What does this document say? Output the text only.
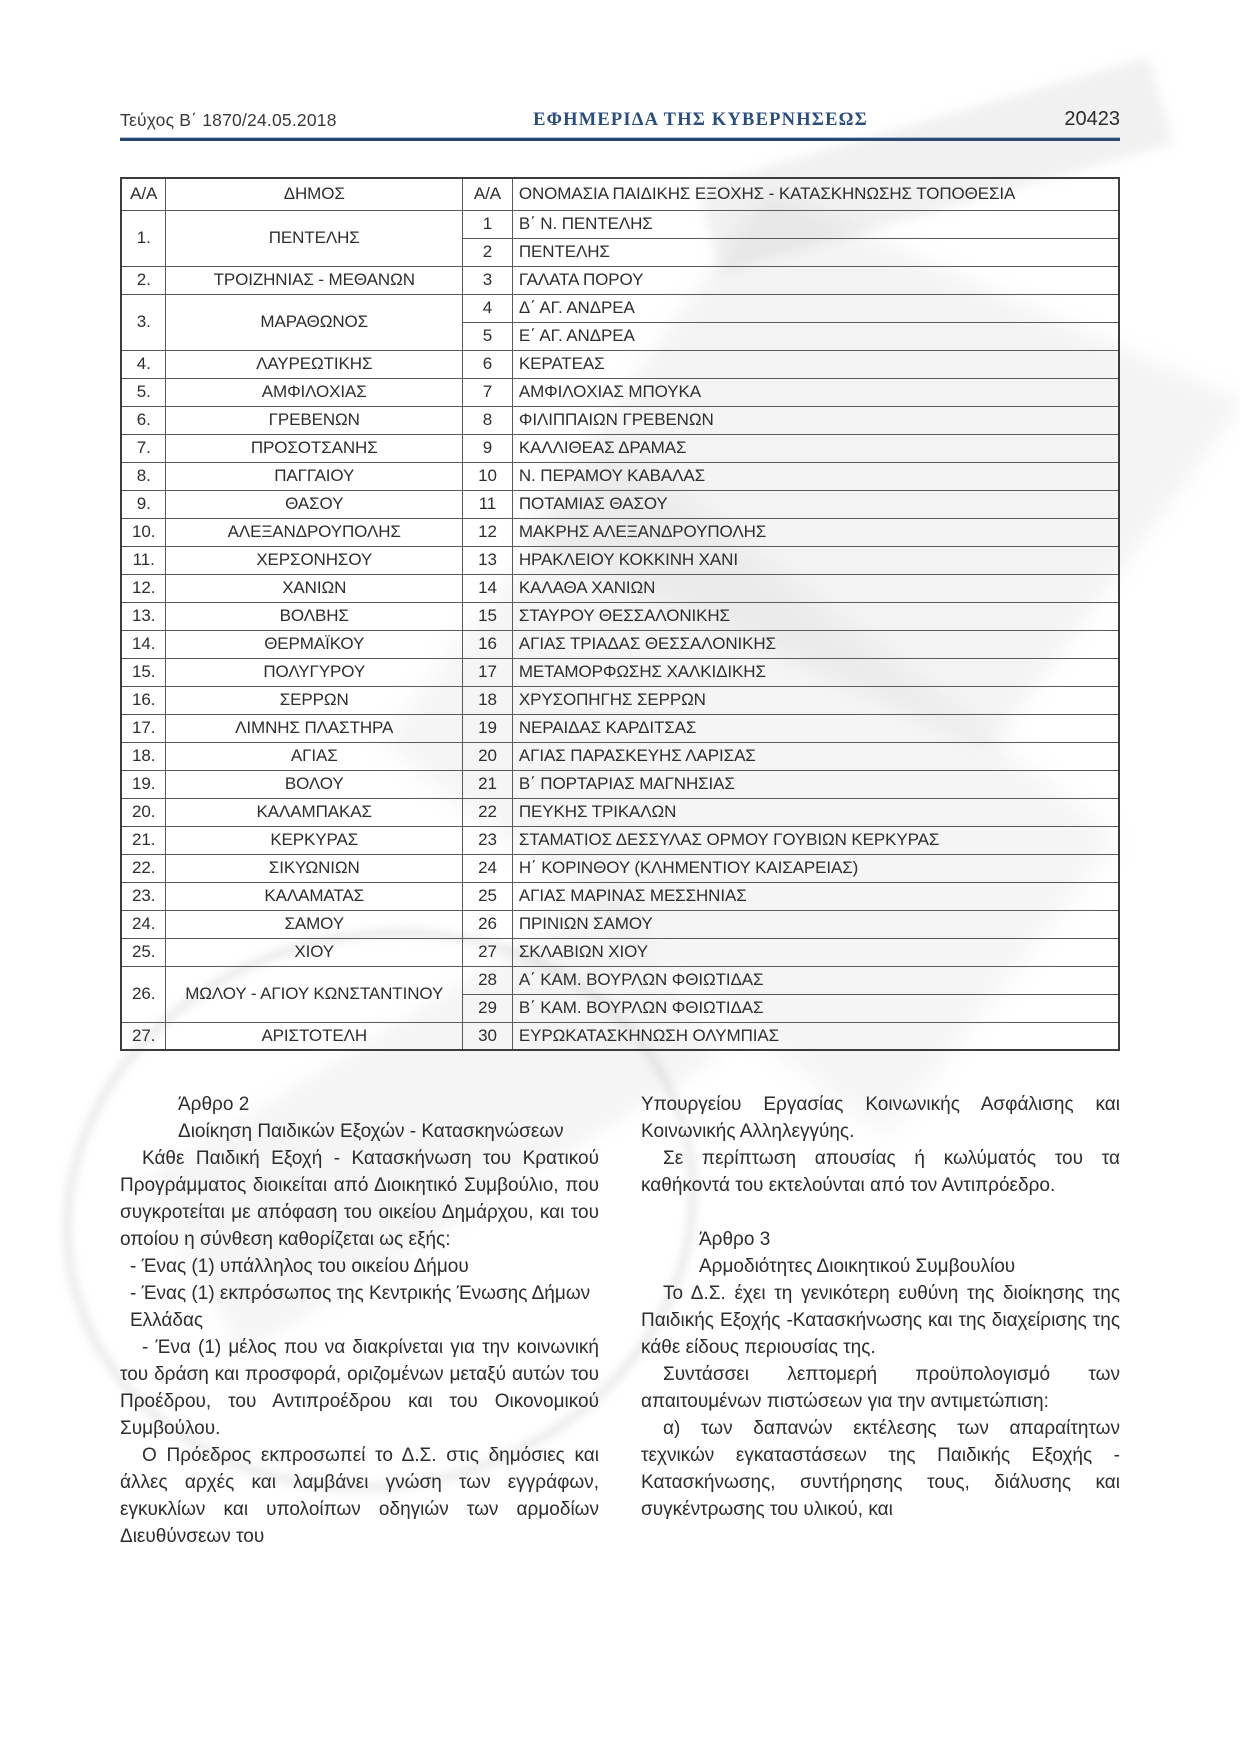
Τεύχος Β΄ 1870/24.05.2018	ΕΦΗΜΕΡΙΔΑ ΤΗΣ ΚΥΒΕΡΝΗΣΕΩΣ	20423
Α/Α	ΔΗΜΟΣ	Α/Α	ΟΝΟΜΑΣΙΑ ΠΑΙΔΙΚΗΣ ΕΞΟΧΗΣ - ΚΑΤΑΣΚΗΝΩΣΗΣ ΤΟΠΟΘΕΣΙΑ
1.	ΠΕΝΤΕΛΗΣ	1	Β΄ Ν. ΠΕΝΤΕΛΗΣ
		2	ΠΕΝΤΕΛΗΣ
2.	ΤΡΟΙΖΗΝΙΑΣ - ΜΕΘΑΝΩΝ	3	ΓΑΛΑΤΑ ΠΟΡΟΥ
3.	ΜΑΡΑΘΩΝΟΣ	4	Δ΄ ΑΓ. ΑΝΔΡΕΑ
		5	Ε΄ ΑΓ. ΑΝΔΡΕΑ
4.	ΛΑΥΡΕΩΤΙΚΗΣ	6	ΚΕΡΑΤΕΑΣ
5.	ΑΜΦΙΛΟΧΙΑΣ	7	ΑΜΦΙΛΟΧΙΑΣ ΜΠΟΥΚΑ
6.	ΓΡΕΒΕΝΩΝ	8	ΦΙΛΙΠΠΑΙΩΝ ΓΡΕΒΕΝΩΝ
7.	ΠΡΟΣΟΤΣΑΝΗΣ	9	ΚΑΛΛΙΘΕΑΣ ΔΡΑΜΑΣ
8.	ΠΑΓΓΑΙΟΥ	10	Ν. ΠΕΡΑΜΟΥ ΚΑΒΑΛΑΣ
9.	ΘΑΣΟΥ	11	ΠΟΤΑΜΙΑΣ ΘΑΣΟΥ
10.	ΑΛΕΞΑΝΔΡΟΥΠΟΛΗΣ	12	ΜΑΚΡΗΣ ΑΛΕΞΑΝΔΡΟΥΠΟΛΗΣ
11.	ΧΕΡΣΟΝΗΣΟΥ	13	ΗΡΑΚΛΕΙΟΥ ΚΟΚΚΙΝΗ ΧΑΝΙ
12.	ΧΑΝΙΩΝ	14	ΚΑΛΑΘΑ ΧΑΝΙΩΝ
13.	ΒΟΛΒΗΣ	15	ΣΤΑΥΡΟΥ ΘΕΣΣΑΛΟΝΙΚΗΣ
14.	ΘΕΡΜΑΪΚΟΥ	16	ΑΓΙΑΣ ΤΡΙΑΔΑΣ ΘΕΣΣΑΛΟΝΙΚΗΣ
15.	ΠΟΛΥΓΥΡΟΥ	17	ΜΕΤΑΜΟΡΦΩΣΗΣ ΧΑΛΚΙΔΙΚΗΣ
16.	ΣΕΡΡΩΝ	18	ΧΡΥΣΟΠΗΓΗΣ ΣΕΡΡΩΝ
17.	ΛΙΜΝΗΣ ΠΛΑΣΤΗΡΑ	19	ΝΕΡΑΙΔΑΣ ΚΑΡΔΙΤΣΑΣ
18.	ΑΓΙΑΣ	20	ΑΓΙΑΣ ΠΑΡΑΣΚΕΥΗΣ ΛΑΡΙΣΑΣ
19.	ΒΟΛΟΥ	21	Β΄ ΠΟΡΤΑΡΙΑΣ ΜΑΓΝΗΣΙΑΣ
20.	ΚΑΛΑΜΠΑΚΑΣ	22	ΠΕΥΚΗΣ ΤΡΙΚΑΛΩΝ
21.	ΚΕΡΚΥΡΑΣ	23	ΣΤΑΜΑΤΙΟΣ ΔΕΣΣΥΛΑΣ ΟΡΜΟΥ ΓΟΥΒΙΩΝ ΚΕΡΚΥΡΑΣ
22.	ΣΙΚΥΩΝΙΩΝ	24	Η΄ ΚΟΡΙΝΘΟΥ (ΚΛΗΜΕΝΤΙΟΥ ΚΑΙΣΑΡΕΙΑΣ)
23.	ΚΑΛΑΜΑΤΑΣ	25	ΑΓΙΑΣ ΜΑΡΙΝΑΣ ΜΕΣΣΗΝΙΑΣ
24.	ΣΑΜΟΥ	26	ΠΡΙΝΙΩΝ ΣΑΜΟΥ
25.	ΧΙΟΥ	27	ΣΚΛΑΒΙΩΝ ΧΙΟΥ
26.	ΜΩΛΟΥ - ΑΓΙΟΥ ΚΩΝΣΤΑΝΤΙΝΟΥ	28	Α΄ ΚΑΜ. ΒΟΥΡΛΩΝ ΦΘΙΩΤΙΔΑΣ
		29	Β΄ ΚΑΜ. ΒΟΥΡΛΩΝ ΦΘΙΩΤΙΔΑΣ
27.	ΑΡΙΣΤΟΤΕΛΗ	30	ΕΥΡΩΚΑΤΑΣΚΗΝΩΣΗ ΟΛΥΜΠΙΑΣ
Άρθρο 2
Διοίκηση Παιδικών Εξοχών - Κατασκηνώσεων

Κάθε Παιδική Εξοχή - Κατασκήνωση του Κρατικού Προγράμματος διοικείται από Διοικητικό Συμβούλιο, που συγκροτείται με απόφαση του οικείου Δημάρχου, και του οποίου η σύνθεση καθορίζεται ως εξής:

- Ένας (1) υπάλληλος του οικείου Δήμου

- Ένας (1) εκπρόσωπος της Κεντρικής Ένωσης Δήμων Ελλάδας

- Ένα (1) μέλος που να διακρίνεται για την κοινωνική του δράση και προσφορά, οριζομένων μεταξύ αυτών του Προέδρου, του Αντιπροέδρου και του Οικονομικού Συμβούλου.

Ο Πρόεδρος εκπροσωπεί το Δ.Σ. στις δημόσιες και άλλες αρχές και λαμβάνει γνώση των εγγράφων, εγκυκλίων και υπολοίπων οδηγιών των αρμοδίων Διευθύνσεων του

Υπουργείου Εργασίας Κοινωνικής Ασφάλισης και Κοινωνικής Αλληλεγγύης.

Σε περίπτωση απουσίας ή κωλύματός του τα καθήκοντά του εκτελούνται από τον Αντιπρόεδρο.

Άρθρο 3
Αρμοδιότητες Διοικητικού Συμβουλίου

Το Δ.Σ. έχει τη γενικότερη ευθύνη της διοίκησης της Παιδικής Εξοχής -Κατασκήνωσης και της διαχείρισης της κάθε είδους περιουσίας της.

Συντάσσει λεπτομερή προϋπολογισμό των απαιτουμένων πιστώσεων για την αντιμετώπιση:

α) των δαπανών εκτέλεσης των απαραίτητων τεχνικών εγκαταστάσεων της Παιδικής Εξοχής - Κατασκήνωσης, συντήρησης τους, διάλυσης και συγκέντρωσης του υλικού, και
